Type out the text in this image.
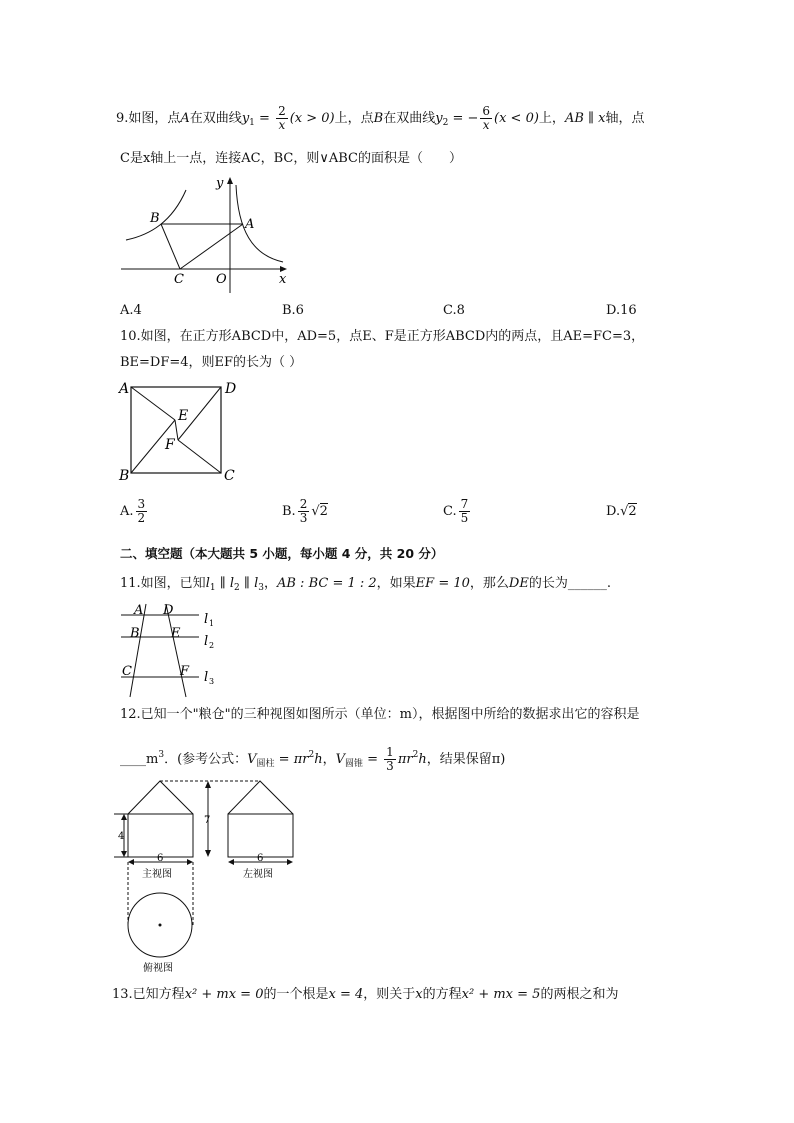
9.如图，点A在双曲线$y_1 = \frac{2}{x} (x > 0)$上，点B在双曲线$y_2$ = − $\frac{6}{x} (x < 0)$上，AB ∥ x轴，点
C是x轴上一点，连接AC，BC，则∨ABC的面积是（　　）
y
B	A
C O	x
A.4	B.6	C.8	D.16
10.如图，在正方形ABCD中，AD=5，点E、F是正方形ABCD内的两点，且AE=FC=3，
BE=DF=4，则EF的长为（ ）
A	D
E
F
B	C
A. $\frac{3}{2}$	B. $\frac{2}{3} √2$	C. $\frac{7}{5}$	D.√2
二、填空题（本大题共 5 小题，每小题 4 分，共 20 分）
11.如图，已知$l_1$ ∥ $l_2$ ∥ $l_3$，AB : BC = 1 : 2，如果EF = 10，那么DE的长为______.
A D
B E
C	F
l 1
l 2
l 3
12.已知一个"粮仓"的三种视图如图所示（单位：m），根据图中所给的数据求出它的容积是
$\_\_\_\_m^3$．(参考公式：$V_{圆柱} = \pi r^2h$，$V_{圆锥} = \frac{1}{3} \pi r^2h$，结果保留π)
7
4
6
主视图
6
左视图
俯视图
13.已知方程x² + mx = 0的一个根是x = 4，则关于x的方程x² + mx = 5的两根之和为
